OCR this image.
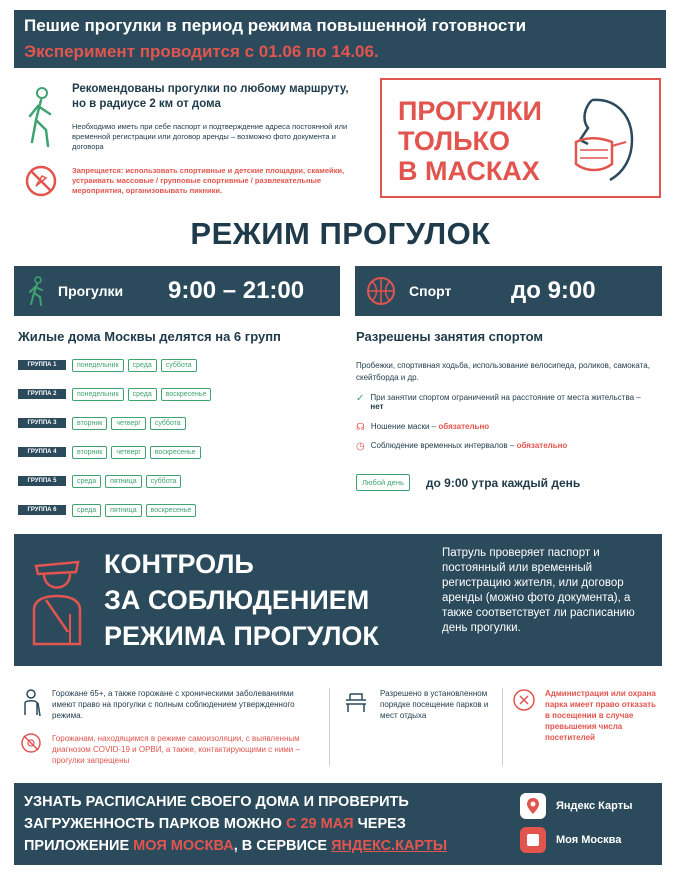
Пешие прогулки в период режима повышенной готовности
Эксперимент проводится с 01.06 по 14.06.
Рекомендованы прогулки по любому маршруту, но в радиусе 2 км от дома
Необходимо иметь при себе паспорт и подтверждение адреса постоянной или временной регистрации или договор аренды – возможно фото документа и договора
Запрещается: использовать спортивные и детские площадки, скамейки, устраивать массовые / групповые спортивные / развлекательные мероприятия, организовывать пикники.
ПРОГУЛКИ
ТОЛЬКО
В МАСКАХ
РЕЖИМ ПРОГУЛОК
Прогулки 9:00 – 21:00	Спорт до 9:00
Жилые дома Москвы делятся на 6 групп
ГРУППА 1	понедельник	среда	суббота
ГРУППА 2	понедельник	среда	воскресенье
ГРУППА 3	вторник	четверг	суббота
ГРУППА 4	вторник	четверг	воскресенье
ГРУППА 5	среда	пятница	суббота
ГРУППА 6	среда	пятница	воскресенье
Разрешены занятия спортом
Пробежки, спортивная ходьба, использование велосипеда, роликов, самоката, скейтборда и др.
✓ При занятии спортом ограничений на расстояние от места жительства – нет
☊ Ношение маски – обязательно
◷ Соблюдение временных интервалов – обязательно
Любой день	до 9:00 утра каждый день
КОНТРОЛЬ
ЗА СОБЛЮДЕНИЕМ
РЕЖИМА ПРОГУЛОК
Патруль проверяет паспорт и постоянный или временный регистрацию жителя, или договор аренды (можно фото документа), а также соответствует ли расписанию день прогулки.
Горожане 65+, а также горожане с хроническими заболеваниями имеют право на прогулки с полным соблюдением утвержденного режима.
Горожанам, находящимся в режиме самоизоляции, с выявленным диагнозом COVID-19 и ОРВИ, а также, контактирующими с ними – прогулки запрещены
Разрешено в установленном порядке посещение парков и мест отдыха
Администрация или охрана парка имеет право отказать в посещении в случае превышения числа посетителей
УЗНАТЬ РАСПИСАНИЕ СВОЕГО ДОМА И ПРОВЕРИТЬ ЗАГРУЖЕННОСТЬ ПАРКОВ МОЖНО С 29 МАЯ ЧЕРЕЗ ПРИЛОЖЕНИЕ МОЯ МОСКВА, В СЕРВИСЕ ЯНДЕКС.КАРТЫ
Яндекс Карты
Моя Москва
